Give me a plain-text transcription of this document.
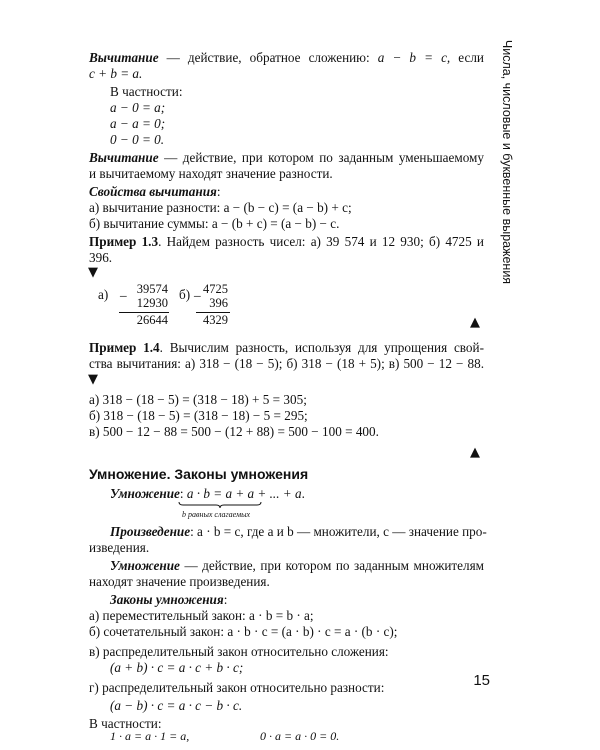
Числа, числовые и буквенные выражения
Вычитание — действие, обратное сложению: a − b = c, если
c + b = a.
В частности:
a − 0 = a;
a − a = 0;
0 − 0 = 0.
Вычитание — действие, при котором по заданным уменьшаемому
и вычитаемому находят значение разности.
Свойства вычитания:
а) вычитание разности: a − (b − c) = (a − b) + c;
б) вычитание суммы: a − (b + c) = (a − b) − c.
Пример 1.3. Найдем разность чисел: а) 39 574 и 12 930; б) 4725 и
396.
▼
а) _ 39574
12930
26644
б) _ 4725
396
4329	▲
Пример 1.4. Вычислим разность, используя для упрощения свой-
ства вычитания: а) 318 − (18 − 5); б) 318 − (18 + 5); в) 500 − 12 − 88.
▼
а) 318 − (18 − 5) = (318 − 18) + 5 = 305;
б) 318 − (18 − 5) = (318 − 18) − 5 = 295;
в) 500 − 12 − 88 = 500 − (12 + 88) = 500 − 100 = 400.
▲
Умножение. Законы умножения
Умножение: a · b = a + a + ... + a.
b равных слагаемых
Произведение: a · b = c, где a и b — множители, c — значение про-
изведения.
Умножение — действие, при котором по заданным множителям
находят значение произведения.
Законы умножения:
а) переместительный закон: a · b = b · a;
б) сочетательный закон: a · b · c = (a · b) · c = a · (b · c);
в) распределительный закон относительно сложения:
(a + b) · c = a · c + b · c;
г) распределительный закон относительно разности:
(a − b) · c = a · c − b · c.
В частности:
1 · a = a · 1 = a,	0 · a = a · 0 = 0.
15
